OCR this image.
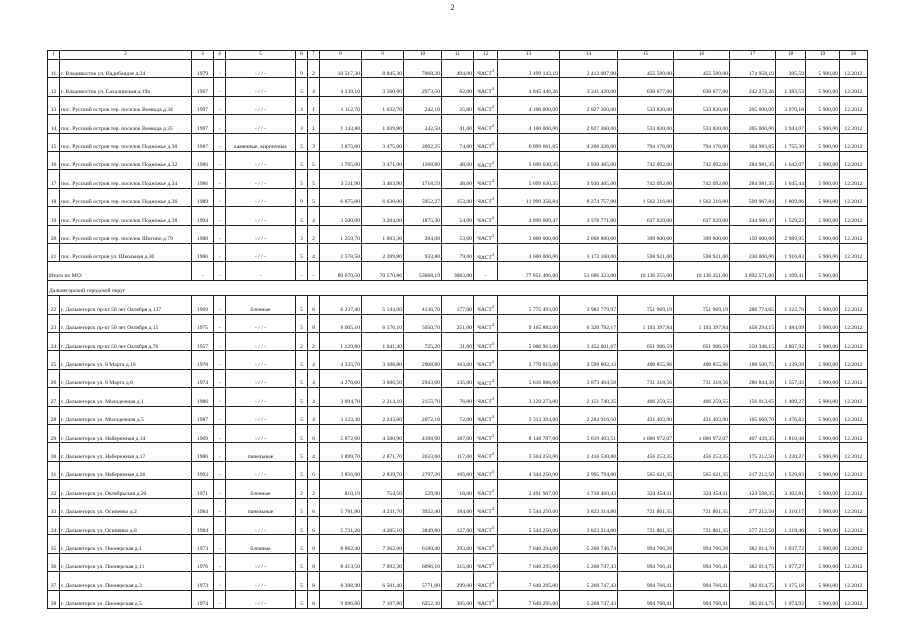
2
1	2	3	4	5	6	7	8	9	10	11	12	13	14	15	16	17	18	19	20
11	г. Владивосток ул. Надибаидзе д.34	1979	-	- / / -	9	2	10 517,30	8 845,30	7068,20	494,00	ЧАСТ$^4$	3 499 143,10	2 413 007,00	455 589,00	455 589,00	174 958,10	395,59	5 900,00	12.2012
12	г. Владивосток ул. Сахалинская д.19а	1967	-	- / / -	5	4	4 139,10	3 560,60	2973,50	62,00	ЧАСТ$^4$	4 845 446,26	3 341 420,00	630 877,00	630 877,00	242 272,26	1 383,53	5 900,00	12.2012
13	пос. Русский остров тер. поселок Воевода д.34	1997	-	- / / -	3	1	1 112,70	1 032,70	242,10	25,00	ЧАСТ$^4$	4 100 000,00	2 827 360,00	533 820,00	533 820,00	205 000,00	3 970,18	5 900,00	12.2012
14	пос. Русский остров тер. поселок Воевода д.35	1997	-	- / / -	3	1	1 143,80	1 039,80	242,50	41,00	ЧАСТ$^4$	4 100 000,00	2 827 360,00	533 820,00	533 820,00	205 000,00	3 943,07	5 900,00	12.2012
15	пос. Русский остров тер. поселок Подножье д.30	1987	-	каменные, кирпичные	5	3	3 875,00	3 475,00	2092,25	74,00	ЧАСТ$^4$	6 099 661,05	4 206 326,00	794 176,00	794 176,00	304 983,05	1 755,30	5 900,00	12.2012
16	пос. Русский остров тер. поселок Подножье д.32	1986	-	- / / -	5	5	3 795,00	3 471,00	1268,80	48,00	ЧАСТ$^4$	5 699 630,35	3 930 465,00	742 092,00	742 092,00	284 981,35	1 642,07	5 900,00	12.2012
17	пос. Русский остров тер. поселок Подножье д.34	1986	-	- / / -	5	5	3 511,90	3 463,90	1718,59	48,00	ЧАСТ$^4$	5 699 630,35	3 930 465,00	742 092,00	742 092,00	284 981,35	1 645,44	5 900,00	12.2012
18	пос. Русский остров тер. поселок Подножье д.36	1989	-	- / / -	9	5	6 875,00	6 630,00	5952,27	153,00	ЧАСТ$^4$	11 999 356,84	8 274 757,00	1 562 316,00	1 562 316,00	599 967,84	1 809,86	5 900,00	12.2012
19	пос. Русский остров тер. поселок Подножье д.38	1994	-	- / / -	5	4	3 500,00	3 204,00	1875,30	54,00	ЧАСТ$^4$	4 899 609,47	3 378 771,00	637 929,00	637 929,00	244 980,47	1 529,22	5 900,00	12.2012
20	пос. Русский остров тер. поселок Шигино д.79	1988	-	- / / -	3	2	1 259,70	1 003,36	204,08	53,00	ЧАСТ$^4$	3 000 000,00	2 068 800,00	390 600,00	390 600,00	150 000,00	2 989,95	5 900,00	12.2012
21	пос. Русский остров ул. Школьная д.30	1966	-	- / / -	5	4	2 578,50	2 399,80	933,80	79,00	ЧАСТ$^4$	4 600 000,00	3 172 160,00	598 921,00	598 921,00	230 000,00	1 916,83	5 900,00	12.2012
Итого по МО:		-	-	-	-	-	80 670,50	70 570,86	53668,19	3083,00	-	77 851 406,00	53 686 323,00	10 136 255,00	10 136 251,00	3 892 571,00	1 109,41	5 900,00	
Дальнегорский городской округ																			
22	г. Дальнегорск пр-кт 50 лет Октября д.137	1969	-	блочные	5	6	6 237,40	5 144,00	4136,70	177,00	ЧАСТ$^4$	5 775 493,00	3 982 779,97	751 969,19	751 969,19	288 774,65	1 122,76	5 900,00	12.2012
23	г. Дальнегорск пр-кт 50 лет Октября д.15	1975	-	- / / -	5	8	8 005,10	6 176,10	5050,70	251,00	ЧАСТ$^4$	9 165 882,00	6 320 792,17	1 193 397,84	1 193 397,84	458 294,15	1 484,09	5 900,00	12.2012
24	г. Дальнегорск пр-кт 50 лет Октября д.76	1957	-	- / / -	2	2	1 129,80	1 041,40	725,20	31,00	ЧАСТ$^4$	5 006 963,00	3 452 801,67	651 906,59	651 906,59	250 348,15	4 807,92	5 900,00	12.2012
25	г. Дальнегорск ул. 8 Марта д.16	1978	-	- / / -	5	4	4 335,70	3 308,80	2908,80	163,00	ЧАСТ$^4$	3 770 015,00	2 599 802,33	490 855,96	490 855,96	188 500,75	1 139,39	5 900,00	12.2012
26	г. Дальнегорск ул. 8 Марта д.6	1974	-	- / / -	5	4	4 276,60	3 606,50	2943,00	135,00	ЧАСТ$^4$	5 616 886,00	3 873 404,58	731 318,56	731 318,56	280 844,30	1 557,43	5 900,00	12.2012
27	г. Дальнегорск ул. Молодежная д.1	1986	-	- / / -	5	4	3 094,70	2 214,10	2155,70	76,00	ЧАСТ$^4$	3 120 273,00	2 151 740,25	406 259,55	406 259,55	156 013,65	1 409,27	5 900,00	12.2012
28	г. Дальнегорск ул. Молодежная д.5	1987	-	- / / -	5	4	3 123,30	2 243,60	2072,10	72,00	ЧАСТ$^4$	3 313 394,00	2 284 916,50	431 403,90	431 403,90	165 669,70	1 476,82	5 900,00	12.2012
29	г. Дальнегорск ул. Набережная д.14	1969	-	- / / -	5	6	5 872,60	4 500,90	4188,90	187,00	ЧАСТ$^4$	8 148 787,00	5 619 403,51	1 060 972,07	1 060 972,07	407 439,35	1 810,48	5 900,00	12.2012
30	г. Дальнегорск ул. Набережная д.17	1986	-	панельные	5	4	3 899,70	2 871,70	2633,60	117,00	ЧАСТ$^4$	3 504 250,00	2 416 530,80	456 253,35	456 253,35	175 212,50	1 220,27	5 900,00	12.2012
31	г. Дальнегорск ул. Набережная д.26	1993	-	- / / -	5	6	3 856,90	2 839,70	2797,20	105,00	ЧАСТ$^4$	4 344 250,00	2 995 794,80	565 621,35	565 621,35	217 212,50	1 529,83	5 900,00	12.2012
32	г. Дальнегорск ул. Октябрьская д.20	1971	-	блочные	2	2	810,19	754,50	529,90	18,00	ЧАСТ$^4$	2 491 967,00	1 718 460,43	324 454,11	324 454,11	124 598,35	3 302,81	5 900,00	12.2012
33	г. Дальнегорск ул. Осипенко д.2	1984	-	панельные	5	6	5 781,80	4 231,70	3922,40	184,00	ЧАСТ$^4$	5 544 250,00	3 823 314,80	721 861,35	721 861,35	277 212,50	1 310,17	5 900,00	12.2012
34	г. Дальнегорск ул. Осипенко д.8	1984	-	- / / -	5	6	5 731,20	4 205,10	3849,80	127,00	ЧАСТ$^4$	5 544 250,00	3 823 314,80	721 861,35	721 861,35	277 212,50	1 318,46	5 900,00	12.2012
35	г. Дальнегорск ул. Пионерская д.1	1973	-	блочные	5	8	8 882,40	7 362,60	6180,40	293,00	ЧАСТ$^4$	7 640 294,00	5 268 746,74	994 766,28	994 766,28	382 014,70	1 037,72	5 900,00	12.2012
36	г. Дальнегорск ул. Пионерская д.11	1976	-	- / / -	5	8	8 413,50	7 092,30	6096,10	315,00	ЧАСТ$^4$	7 640 295,00	5 268 747,43	994 766,41	994 766,41	382 014,75	1 077,27	5 900,00	12.2012
37	г. Дальнегорск ул. Пионерская д.3	1973	-	- / / -	5	8	8 398,90	6 501,40	5771,00	299,00	ЧАСТ$^4$	7 640 295,00	5 268 747,43	994 766,41	994 766,41	382 014,75	1 175,18	5 900,00	12.2012
38	г. Дальнегорск ул. Пионерская д.5	1974	-	- / / -	5	8	9 096,80	7 107,80	6252,30	305,00	ЧАСТ$^4$	7 640 295,00	5 268 747,43	994 766,41	994 766,41	382 014,75	1 074,92	5 900,00	12.2012
